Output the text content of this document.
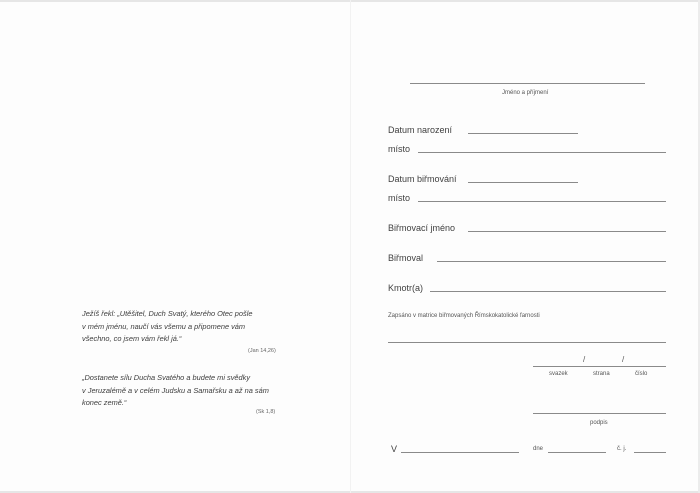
Ježíš řekl: „Utěšitel, Duch Svatý, kterého Otec pošle
v mém jménu, naučí vás všemu a připomene vám
všechno, co jsem vám řekl já.“
(Jan 14,26)
„Dostanete sílu Ducha Svatého a budete mi svědky
v Jeruzalémě a v celém Judsku a Samařsku a až na sám
konec země.“
(Sk 1,8)
Jméno a příjmení
Datum narození
místo
Datum biřmování
místo
Biřmovací jméno
Biřmoval
Kmotr(a)
Zapsáno v matrice biřmovaných Římskokatolické farnosti
/	/
svazek	strana	číslo
podpis
V	dne	č. j.
